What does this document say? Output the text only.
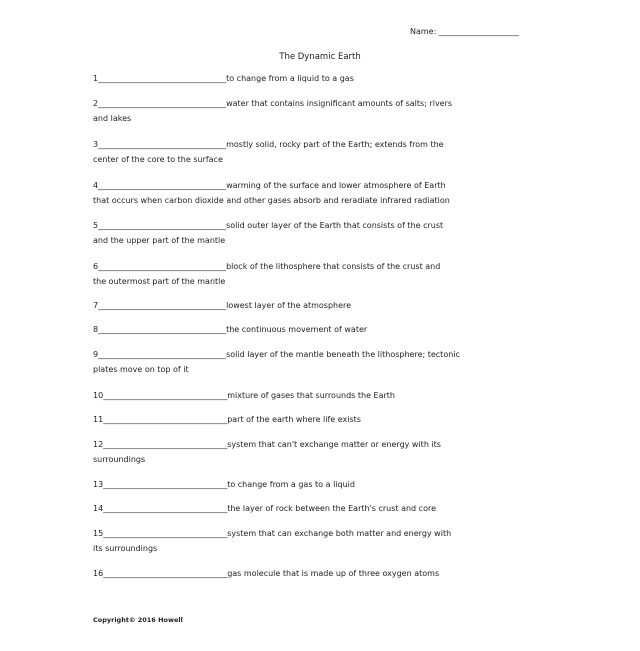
Name: ____________________
The Dynamic Earth
1________________________________to change from a liquid to a gas
2________________________________water that contains insignificant amounts of salts; rivers
and lakes
3________________________________mostly solid, rocky part of the Earth; extends from the
center of the core to the surface
4________________________________warming of the surface and lower atmosphere of Earth
that occurs when carbon dioxide and other gases absorb and reradiate infrared radiation
5________________________________solid outer layer of the Earth that consists of the crust
and the upper part of the mantle
6________________________________block of the lithosphere that consists of the crust and
the outermost part of the mantle
7________________________________lowest layer of the atmosphere
8________________________________the continuous movement of water
9________________________________solid layer of the mantle beneath the lithosphere; tectonic
plates move on top of it
10_______________________________mixture of gases that surrounds the Earth
11_______________________________part of the earth where life exists
12_______________________________system that can't exchange matter or energy with its
surroundings
13_______________________________to change from a gas to a liquid
14_______________________________the layer of rock between the Earth's crust and core
15_______________________________system that can exchange both matter and energy with
its surroundings
16_______________________________gas molecule that is made up of three oxygen atoms
Copyright© 2016 Howell
